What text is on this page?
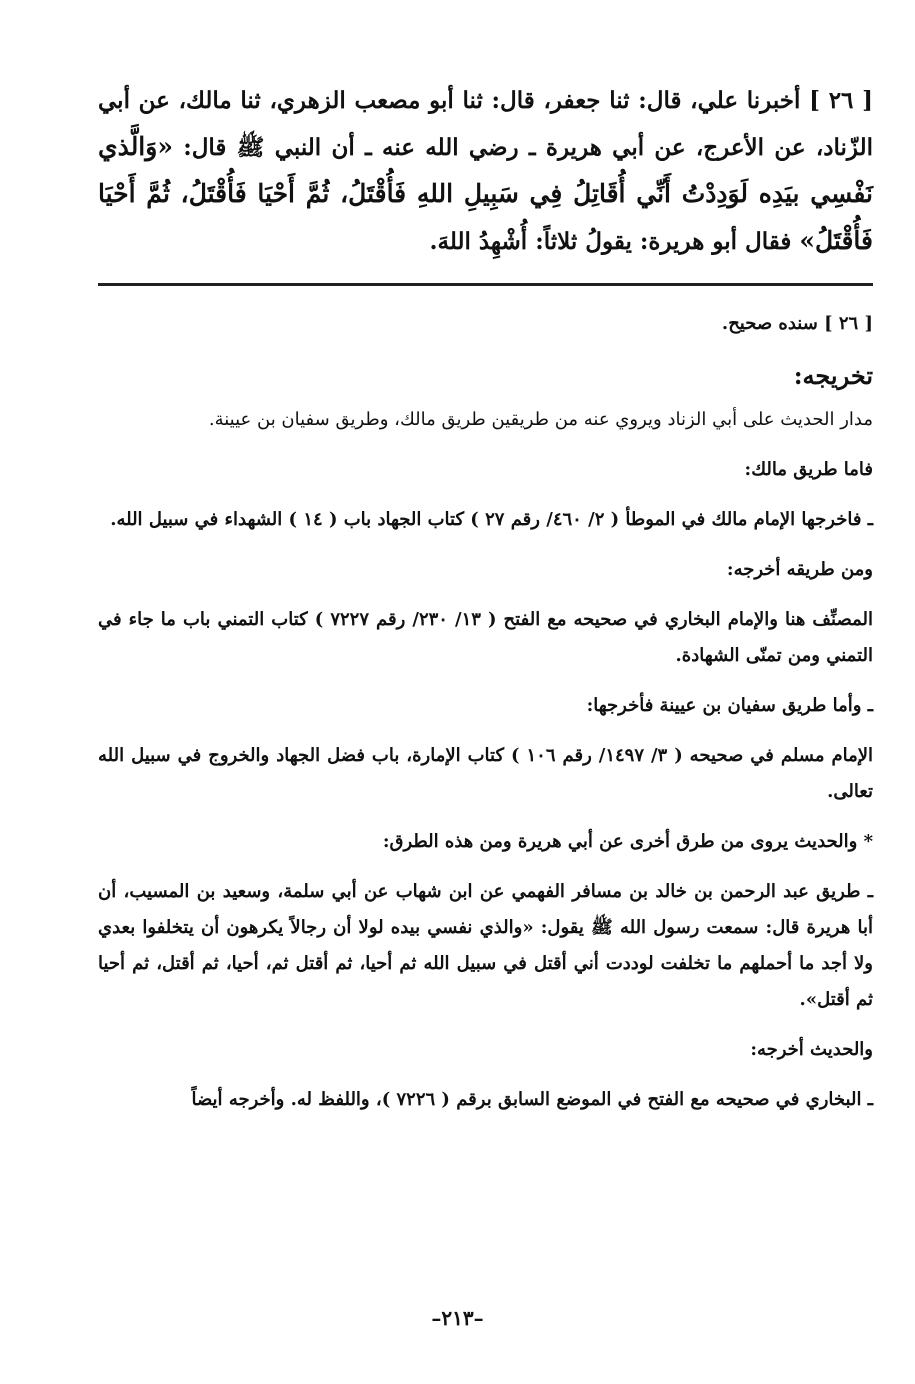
[ ٢٦ ] أخبرنا علي، قال: ثنا جعفر، قال: ثنا أبو مصعب الزهري، ثنا مالك، عن أبي الزّناد، عن الأعرج، عن أبي هريرة ـ رضي الله عنه ـ أن النبي ﷺ قال: «وَالَّذي نَفْسِي بيَدِه لَوَدِدْتُ أَنِّي أُقَاتِلُ فِي سَبِيلِ اللهِ فَأُقْتَلُ، ثُمَّ أَحْيَا فَأُقْتَلُ، ثُمَّ أَحْيَا فَأُقْتَلُ» فقال أبو هريرة: يقولُ ثلاثاً: أُشْهِدُ اللهَ.

[ ٢٦ ] سنده صحيح.

تخريجه:

مدار الحديث على أبي الزناد ويروي عنه من طريقين طريق مالك، وطريق سفيان بن عيينة.

فاما طريق مالك:

ـ فاخرجها الإمام مالك في الموطأ ( ٢/ ٤٦٠/ رقم ٢٧ ) كتاب الجهاد باب ( ١٤ ) الشهداء في سبيل الله.

ومن طريقه أخرجه:

المصنِّف هنا والإمام البخاري في صحيحه مع الفتح ( ١٣/ ٢٣٠/ رقم ٧٢٢٧ ) كتاب التمني باب ما جاء في التمني ومن تمنّى الشهادة.

ـ وأما طريق سفيان بن عيينة فأخرجها:

الإمام مسلم في صحيحه ( ٣/ ١٤٩٧/ رقم ١٠٦ ) كتاب الإمارة، باب فضل الجهاد والخروج في سبيل الله تعالى.

* والحديث يروى من طرق أخرى عن أبي هريرة ومن هذه الطرق:

ـ طريق عبد الرحمن بن خالد بن مسافر الفهمي عن ابن شهاب عن أبي سلمة، وسعيد بن المسيب، أن أبا هريرة قال: سمعت رسول الله ﷺ يقول: «والذي نفسي بيده لولا أن رجالاً يكرهون أن يتخلفوا بعدي ولا أجد ما أحملهم ما تخلفت لوددت أني أقتل في سبيل الله ثم أحيا، ثم أقتل ثم، أحيا، ثم أقتل، ثم أحيا ثم أقتل».

والحديث أخرجه:

ـ البخاري في صحيحه مع الفتح في الموضع السابق برقم ( ٧٢٢٦ )، واللفظ له. وأخرجه أيضاً

–٢١٣–
